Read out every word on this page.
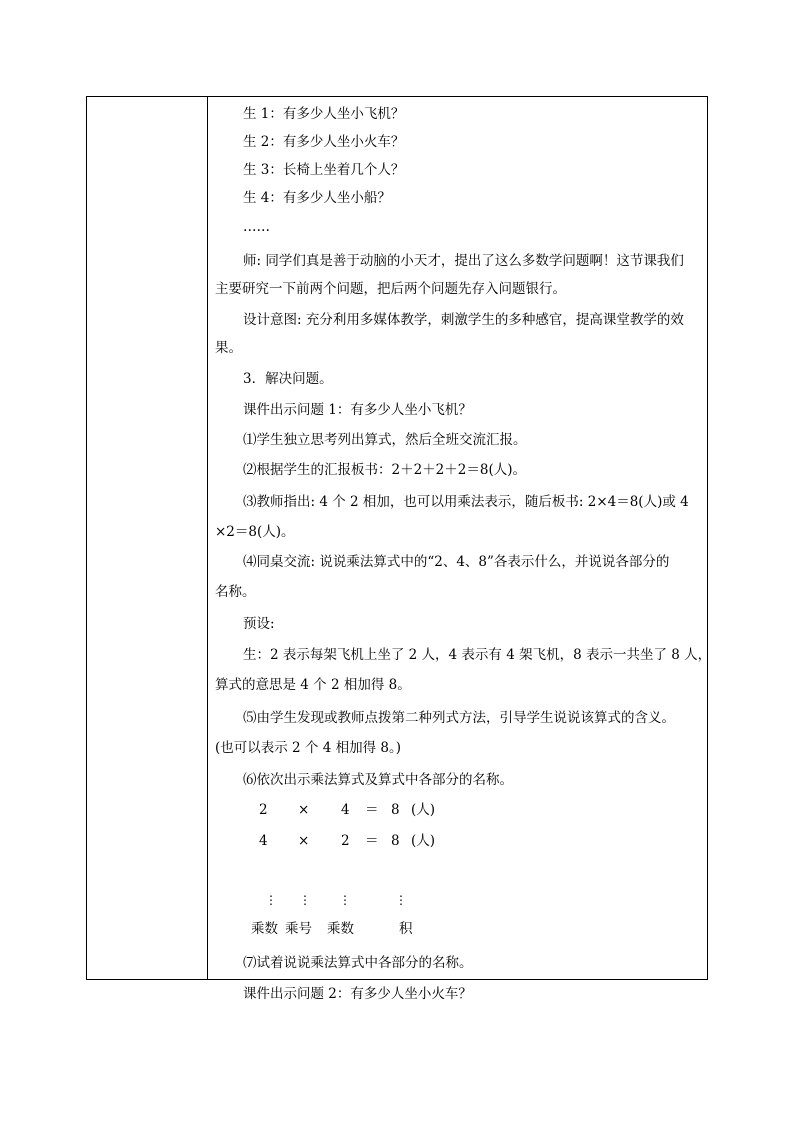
生 1：有多少人坐小飞机？
生 2：有多少人坐小火车？
生 3：长椅上坐着几个人？
生 4：有多少人坐小船？
……
师: 同学们真是善于动脑的小天才，提出了这么多数学问题啊！这节课我们
主要研究一下前两个问题，把后两个问题先存入问题银行。
设计意图: 充分利用多媒体教学，刺激学生的多种感官，提高课堂教学的效
果。
3．解决问题。
课件出示问题 1：有多少人坐小飞机？
⑴学生独立思考列出算式，然后全班交流汇报。
⑵根据学生的汇报板书：2＋2＋2＋2＝8(人)。
⑶教师指出: 4 个 2 相加，也可以用乘法表示，随后板书: 2×4＝8(人)或 4
×2＝8(人)。
⑷同桌交流: 说说乘法算式中的“2、4、8”各表示什么，并说说各部分的
名称。
预设:
生：2 表示每架飞机上坐了 2 人，4 表示有 4 架飞机，8 表示一共坐了 8 人，
算式的意思是 4 个 2 相加得 8。
⑸由学生发现或教师点拨第二种列式方法，引导学生说说该算式的含义。
(也可以表示 2 个 4 相加得 8。)
⑹依次出示乘法算式及算式中各部分的名称。
2 × 4 ＝ 8 (人)
4 × 2 ＝ 8 (人)
⋮ ⋮ ⋮	⋮
乘数 乘号 乘数	积
⑺试着说说乘法算式中各部分的名称。
课件出示问题 2：有多少人坐小火车？
